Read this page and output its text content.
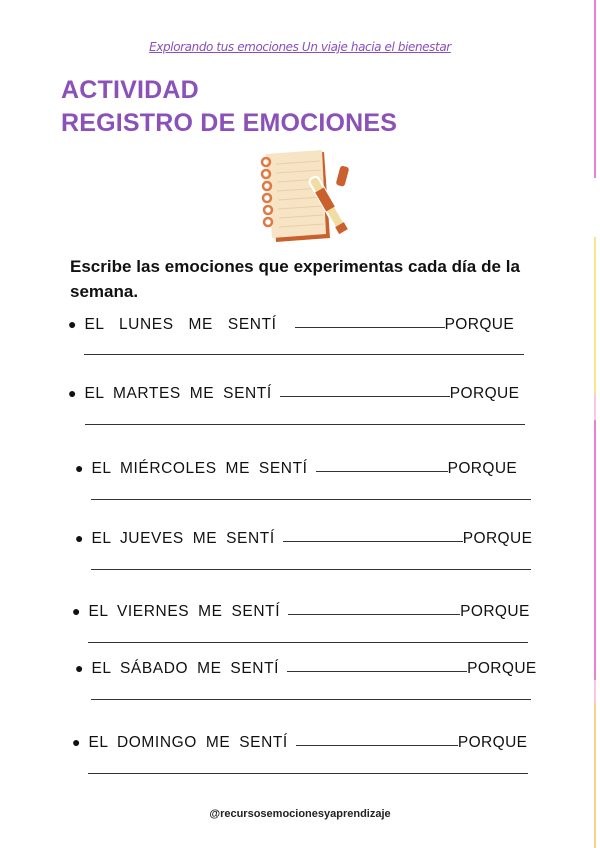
Explorando tus emociones Un viaje hacia el bienestar
ACTIVIDAD
REGISTRO DE EMOCIONES
Escribe las emociones que experimentas cada día de la semana.
● EL LUNES ME SENTÍ	PORQUE
● EL MARTES ME SENTÍ	PORQUE
● EL MIÉRCOLES ME SENTÍ	PORQUE
● EL JUEVES ME SENTÍ	PORQUE
● EL VIERNES ME SENTÍ	PORQUE
● EL SÁBADO ME SENTÍ	PORQUE
● EL DOMINGO ME SENTÍ	PORQUE
@recursosemocionesyaprendizaje
